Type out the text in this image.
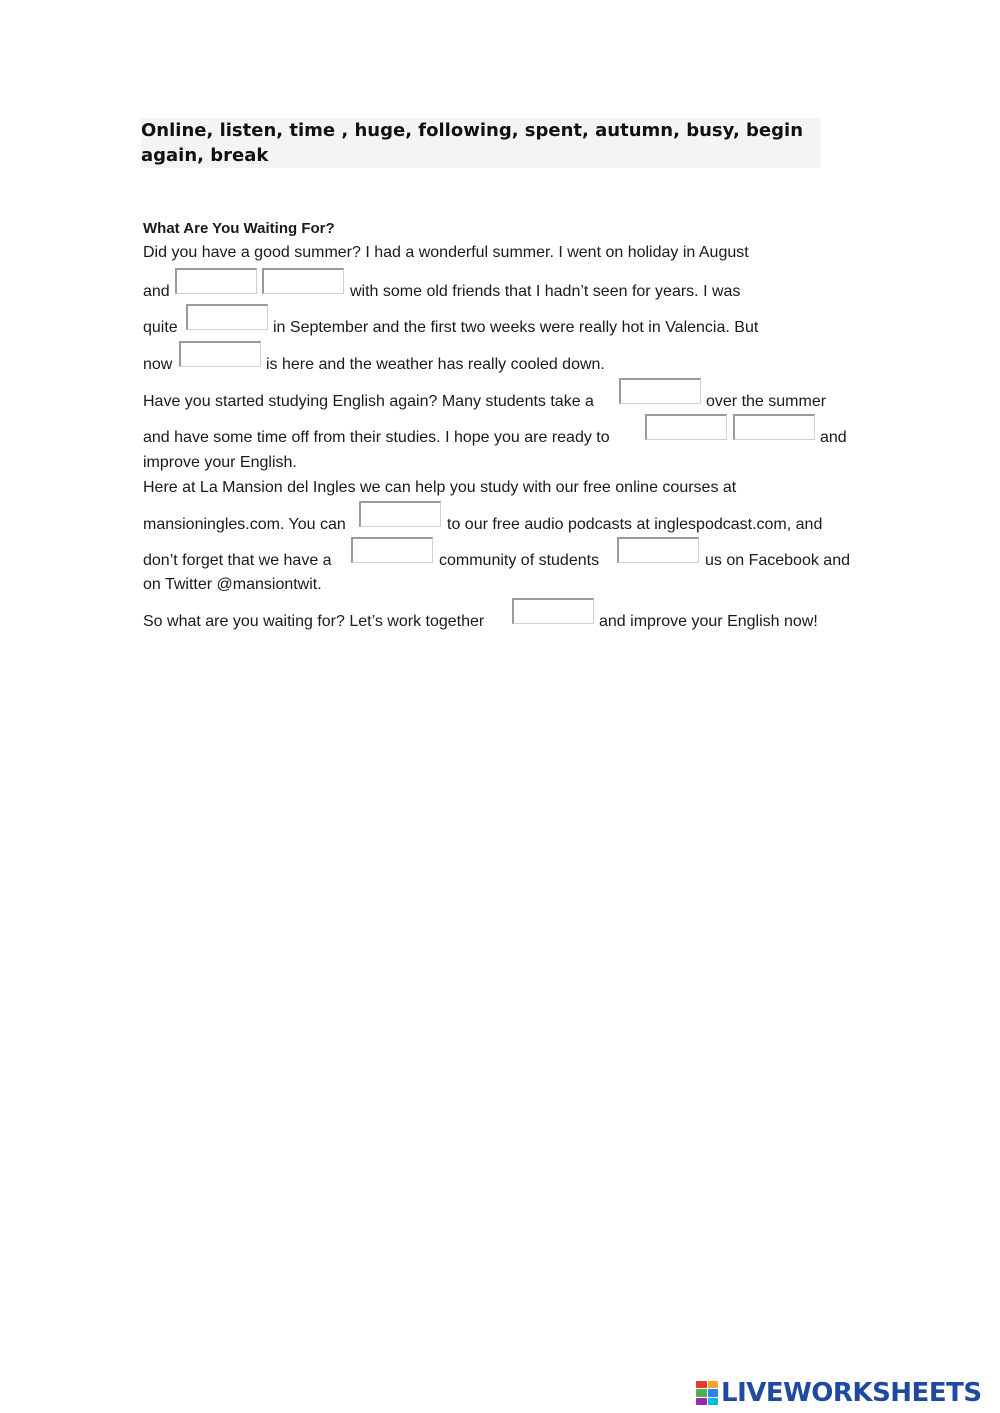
Online, listen, time , huge, following, spent, autumn, busy, begin again, break
What Are You Waiting For?
Did you have a good summer? I had a wonderful summer. I went on holiday in August
and	with some old friends that I hadn’t seen for years. I was
quite	in September and the first two weeks were really hot in Valencia. But
now	is here and the weather has really cooled down.
Have you started studying English again? Many students take a	over the summer
and have some time off from their studies. I hope you are ready to	and
improve your English.
Here at La Mansion del Ingles we can help you study with our free online courses at
mansioningles.com. You can	to our free audio podcasts at inglespodcast.com, and
don’t forget that we have a	community of students	us on Facebook and
on Twitter @mansiontwit.
So what are you waiting for? Let’s work together	and improve your English now!
LIVEWORKSHEETS
